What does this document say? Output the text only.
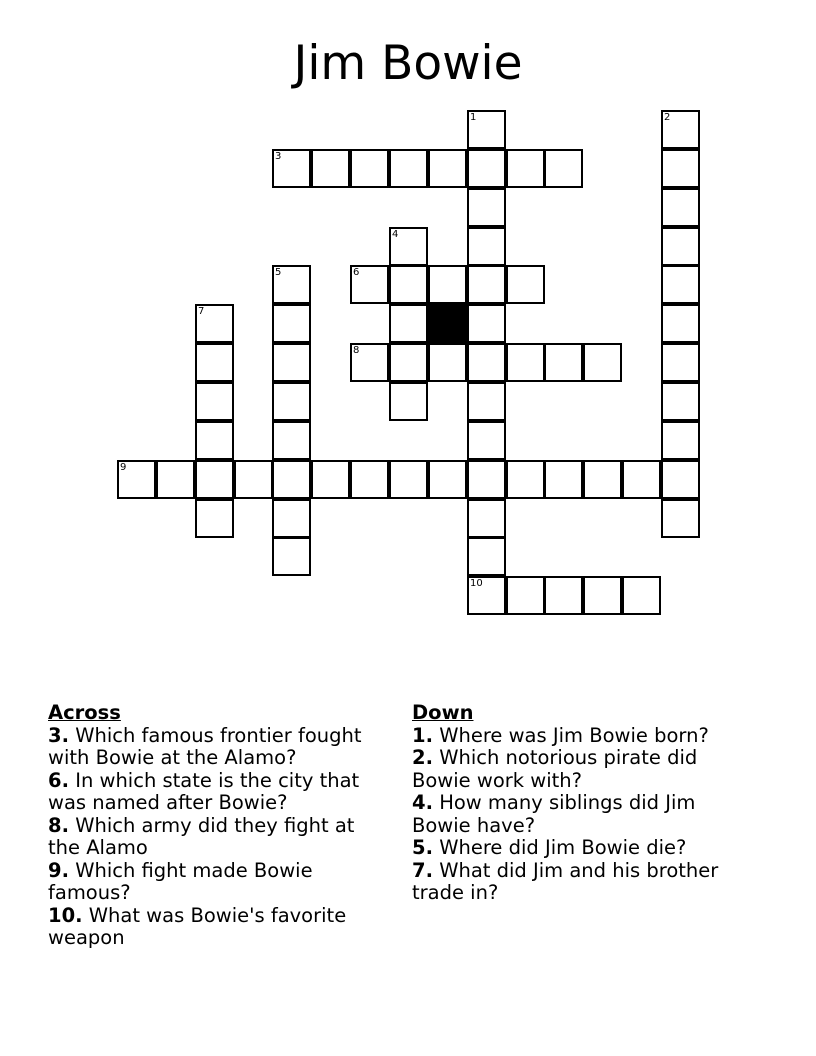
Jim Bowie
1
10
2
3
4
5	6
7
8
9
Across
3. Which famous frontier fought with Bowie at the Alamo?
6. In which state is the city that was named after Bowie?
8. Which army did they fight at the Alamo
9. Which fight made Bowie famous?
10. What was Bowie's favorite weapon
Down
1. Where was Jim Bowie born?
2. Which notorious pirate did Bowie work with?
4. How many siblings did Jim Bowie have?
5. Where did Jim Bowie die?
7. What did Jim and his brother trade in?
